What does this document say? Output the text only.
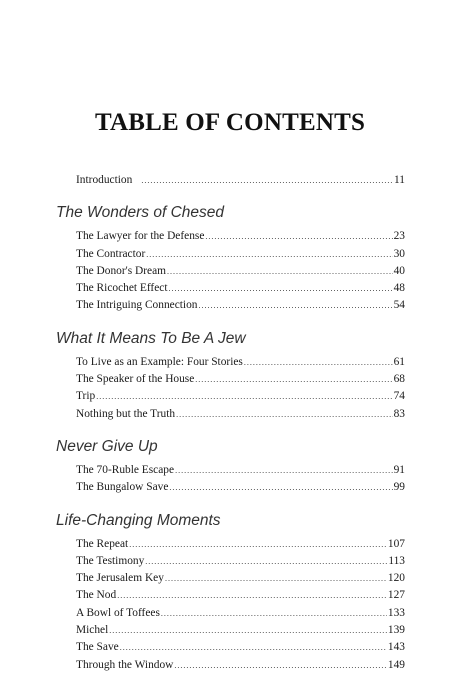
TABLE OF CONTENTS
Introduction .....	11
The Wonders of Chesed
The Lawyer for the Defense .....	23
The Contractor .....	30
The Donor's Dream .....	40
The Ricochet Effect .....	48
The Intriguing Connection .....	54
What It Means To Be A Jew
To Live as an Example: Four Stories .....	61
The Speaker of the House .....	68
Trip .....	74
Nothing but the Truth .....	83
Never Give Up
The 70-Ruble Escape .....	91
The Bungalow Save .....	99
Life-Changing Moments
The Repeat .....	107
The Testimony .....	113
The Jerusalem Key .....	120
The Nod .....	127
A Bowl of Toffees .....	133
Michel .....	139
The Save .....	143
Through the Window .....	149
